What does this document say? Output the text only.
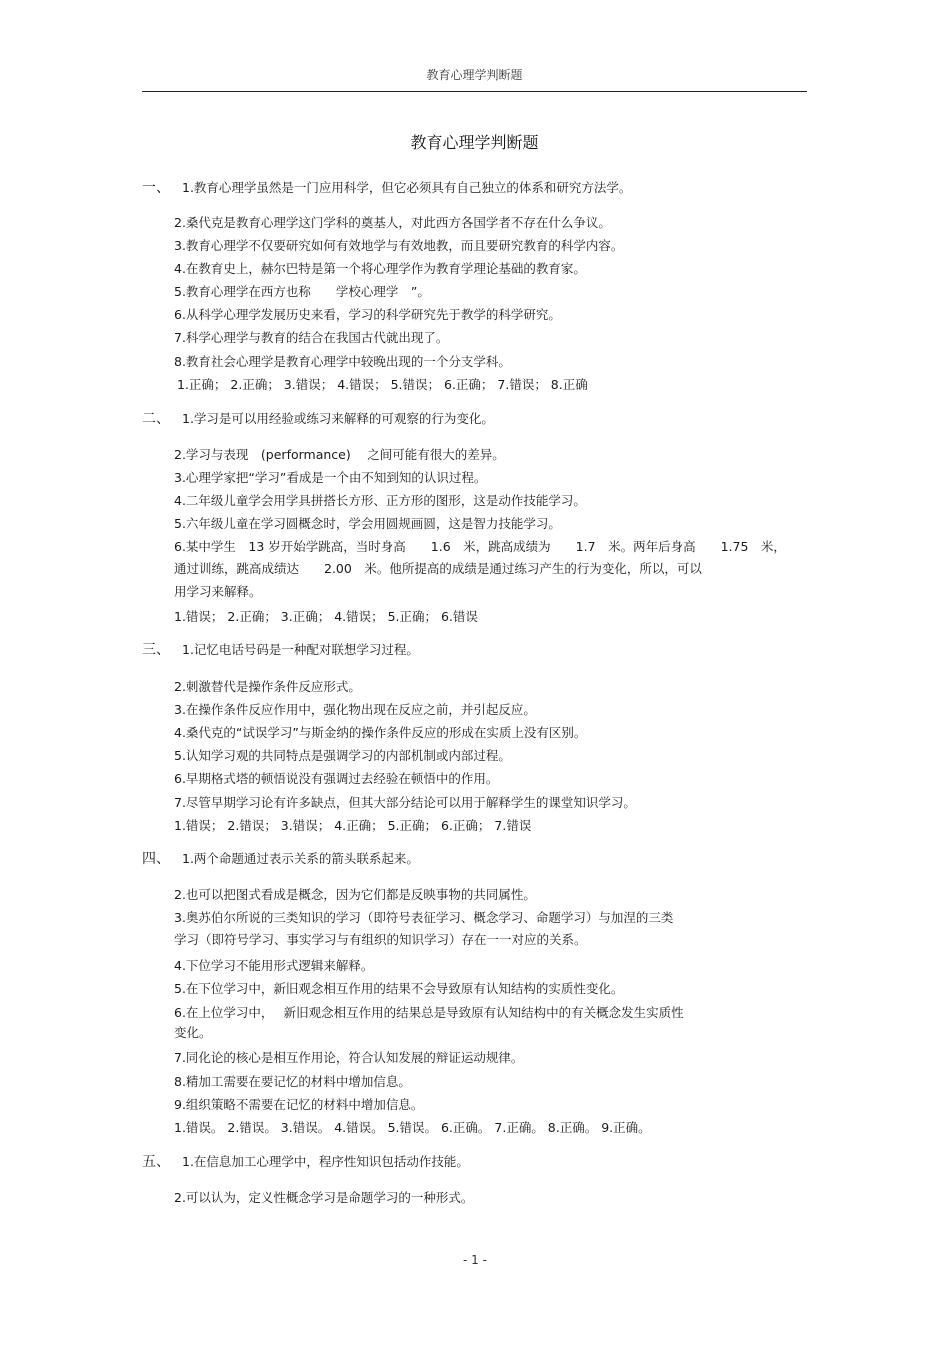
教育心理学判断题
教育心理学判断题
一、 1.教育心理学虽然是一门应用科学，但它必须具有自己独立的体系和研究方法学。
2.桑代克是教育心理学这门学科的奠基人，对此西方各国学者不存在什么争议。
3.教育心理学不仅要研究如何有效地学与有效地教，而且要研究教育的科学内容。
4.在教育史上，赫尔巴特是第一个将心理学作为教育学理论基础的教育家。
5.教育心理学在西方也称　　学校心理学　”。
6.从科学心理学发展历史来看，学习的科学研究先于教学的科学研究。
7.科学心理学与教育的结合在我国古代就出现了。
8.教育社会心理学是教育心理学中较晚出现的一个分支学科。
1.正确； 2.正确； 3.错误； 4.错误； 5.错误； 6.正确； 7.错误； 8.正确
二、 1.学习是可以用经验或练习来解释的可观察的行为变化。
2.学习与表现　(performance)　 之间可能有很大的差异。
3.心理学家把“学习”看成是一个由不知到知的认识过程。
4.二年级儿童学会用学具拼搭长方形、正方形的图形，这是动作技能学习。
5.六年级儿童在学习圆概念时，学会用圆规画圆，这是智力技能学习。
6.某中学生　13 岁开始学跳高，当时身高　　1.6　米，跳高成绩为　　1.7　米。两年后身高　　1.75　米，
通过训练，跳高成绩达　　2.00　米。他所提高的成绩是通过练习产生的行为变化，所以，可以
用学习来解释。
1.错误； 2.正确； 3.正确； 4.错误； 5.正确； 6.错误
三、 1.记忆电话号码是一种配对联想学习过程。
2.刺激替代是操作条件反应形式。
3.在操作条件反应作用中，强化物出现在反应之前，并引起反应。
4.桑代克的“试误学习”与斯金纳的操作条件反应的形成在实质上没有区别。
5.认知学习观的共同特点是强调学习的内部机制或内部过程。
6.早期格式塔的顿悟说没有强调过去经验在顿悟中的作用。
7.尽管早期学习论有许多缺点，但其大部分结论可以用于解释学生的课堂知识学习。
1.错误； 2.错误； 3.错误； 4.正确； 5.正确； 6.正确； 7.错误
四、 1.两个命题通过表示关系的箭头联系起来。
2.也可以把图式看成是概念，因为它们都是反映事物的共同属性。
3.奥苏伯尔所说的三类知识的学习（即符号表征学习、概念学习、命题学习）与加涅的三类
学习（即符号学习、事实学习与有组织的知识学习）存在一一对应的关系。
4.下位学习不能用形式逻辑来解释。
5.在下位学习中，新旧观念相互作用的结果不会导致原有认知结构的实质性变化。
6.在上位学习中，　 新旧观念相互作用的结果总是导致原有认知结构中的有关概念发生实质性
变化。
7.同化论的核心是相互作用论，符合认知发展的辩证运动规律。
8.精加工需要在要记忆的材料中增加信息。
9.组织策略不需要在记忆的材料中增加信息。
1.错误。 2.错误。 3.错误。 4.错误。 5.错误。 6.正确。 7.正确。 8.正确。 9.正确。
五、 1.在信息加工心理学中，程序性知识包括动作技能。
2.可以认为，定义性概念学习是命题学习的一种形式。
- 1 -
